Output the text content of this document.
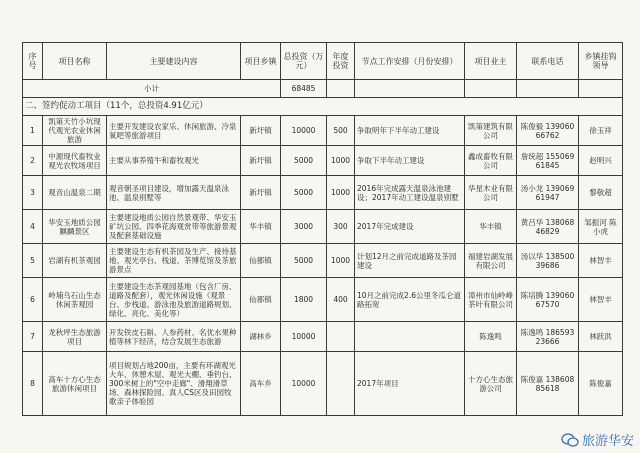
序号	项目名称	主要建设内容	项目乡镇	总投资（万元）	年度投资	节点工作安排（月份安排）	项目业主	联系电话	乡镇挂钩领导
小计				68485					
二、签约促动工项目（11个，总投资4.91亿元）									
1	凯第天竹小坑现代观光农业休闲旅游	主要开发建设农家乐、休闲旅游、冷泉氧吧等旅游项目	新圩镇	10000	500	争取明年下半年动工建设	凯第建筑有限公司	陈俊毅 13906066762	徐玉祥
2	中源现代畜牧业观光农牧场项目	主要从事养殖牛和畜牧观光	新圩镇	5000	1000	争取下半年动工建设	鑫成畜牧有限公司	詹统超 15506961845	赵明兴
3	观音山温泉二期	观音朝圣项目建设，增加露天温泉泳池、温泉别墅等	新圩镇	5000	1000	2016年完成露天温泉泳池建设；2017年动工建设温泉别墅	华星木业有限公司	汤小龙 13906961947	黎敬超
4	华安玉地质公园麒麟景区	主要建设地质公园自然景观带、华安玉矿坑公园、四季花海观赏带等旅游景观及配套基础设施	华丰镇	3000	300	2017年完成建设	华丰镇	黄吕华 13806846829	邹振河 陈小虎
5	岩湖有机茶观园	主要建设生态有机茶园及生产、接待基地、观光亭台、栈道、茶博览馆及茶旅游景点	仙都镇	5000	1000	计划12月之前完成道路及茶园建设	福建岩湖发展有限公司	汤以华 13850039686	林智丰
6	岭埔乌石山生态休闲茶观园	主要建设生态茶观园基地（包含厂房、道路及配套），观光休闲设施（观景台、步栈道、游泳池及旅游道路规划、绿化、亮化、美化等）	仙都镇	1800	400	10月之前完成2.6公里冬瓜仑道路拓宽	漳州市仙岭峰茶叶有限公司	陈培腾 13906067570	林智丰
7	龙秋坪生态旅游项目	开发铁皮石斛、人参药材、名优水果种植等林下经济，结合发展生态旅游	湖林乡	10000			陈逸鸣	陈逸鸣 18659323666	林跃洪
8	高车十方心生态旅游休闲项目	项目规划占地200亩，主要有环湖观光大车、休憩木屋、观光大棚、垂钓台、300米树上的"空中走廊"、滑翔滑草场、森林探险园、真人CS区及田园牧歌亲子体验园	高车乡	10000		2017年项目	十方心生态旅游公司	陈俊嘉 13860885618	陈俊嘉
旅游华安
